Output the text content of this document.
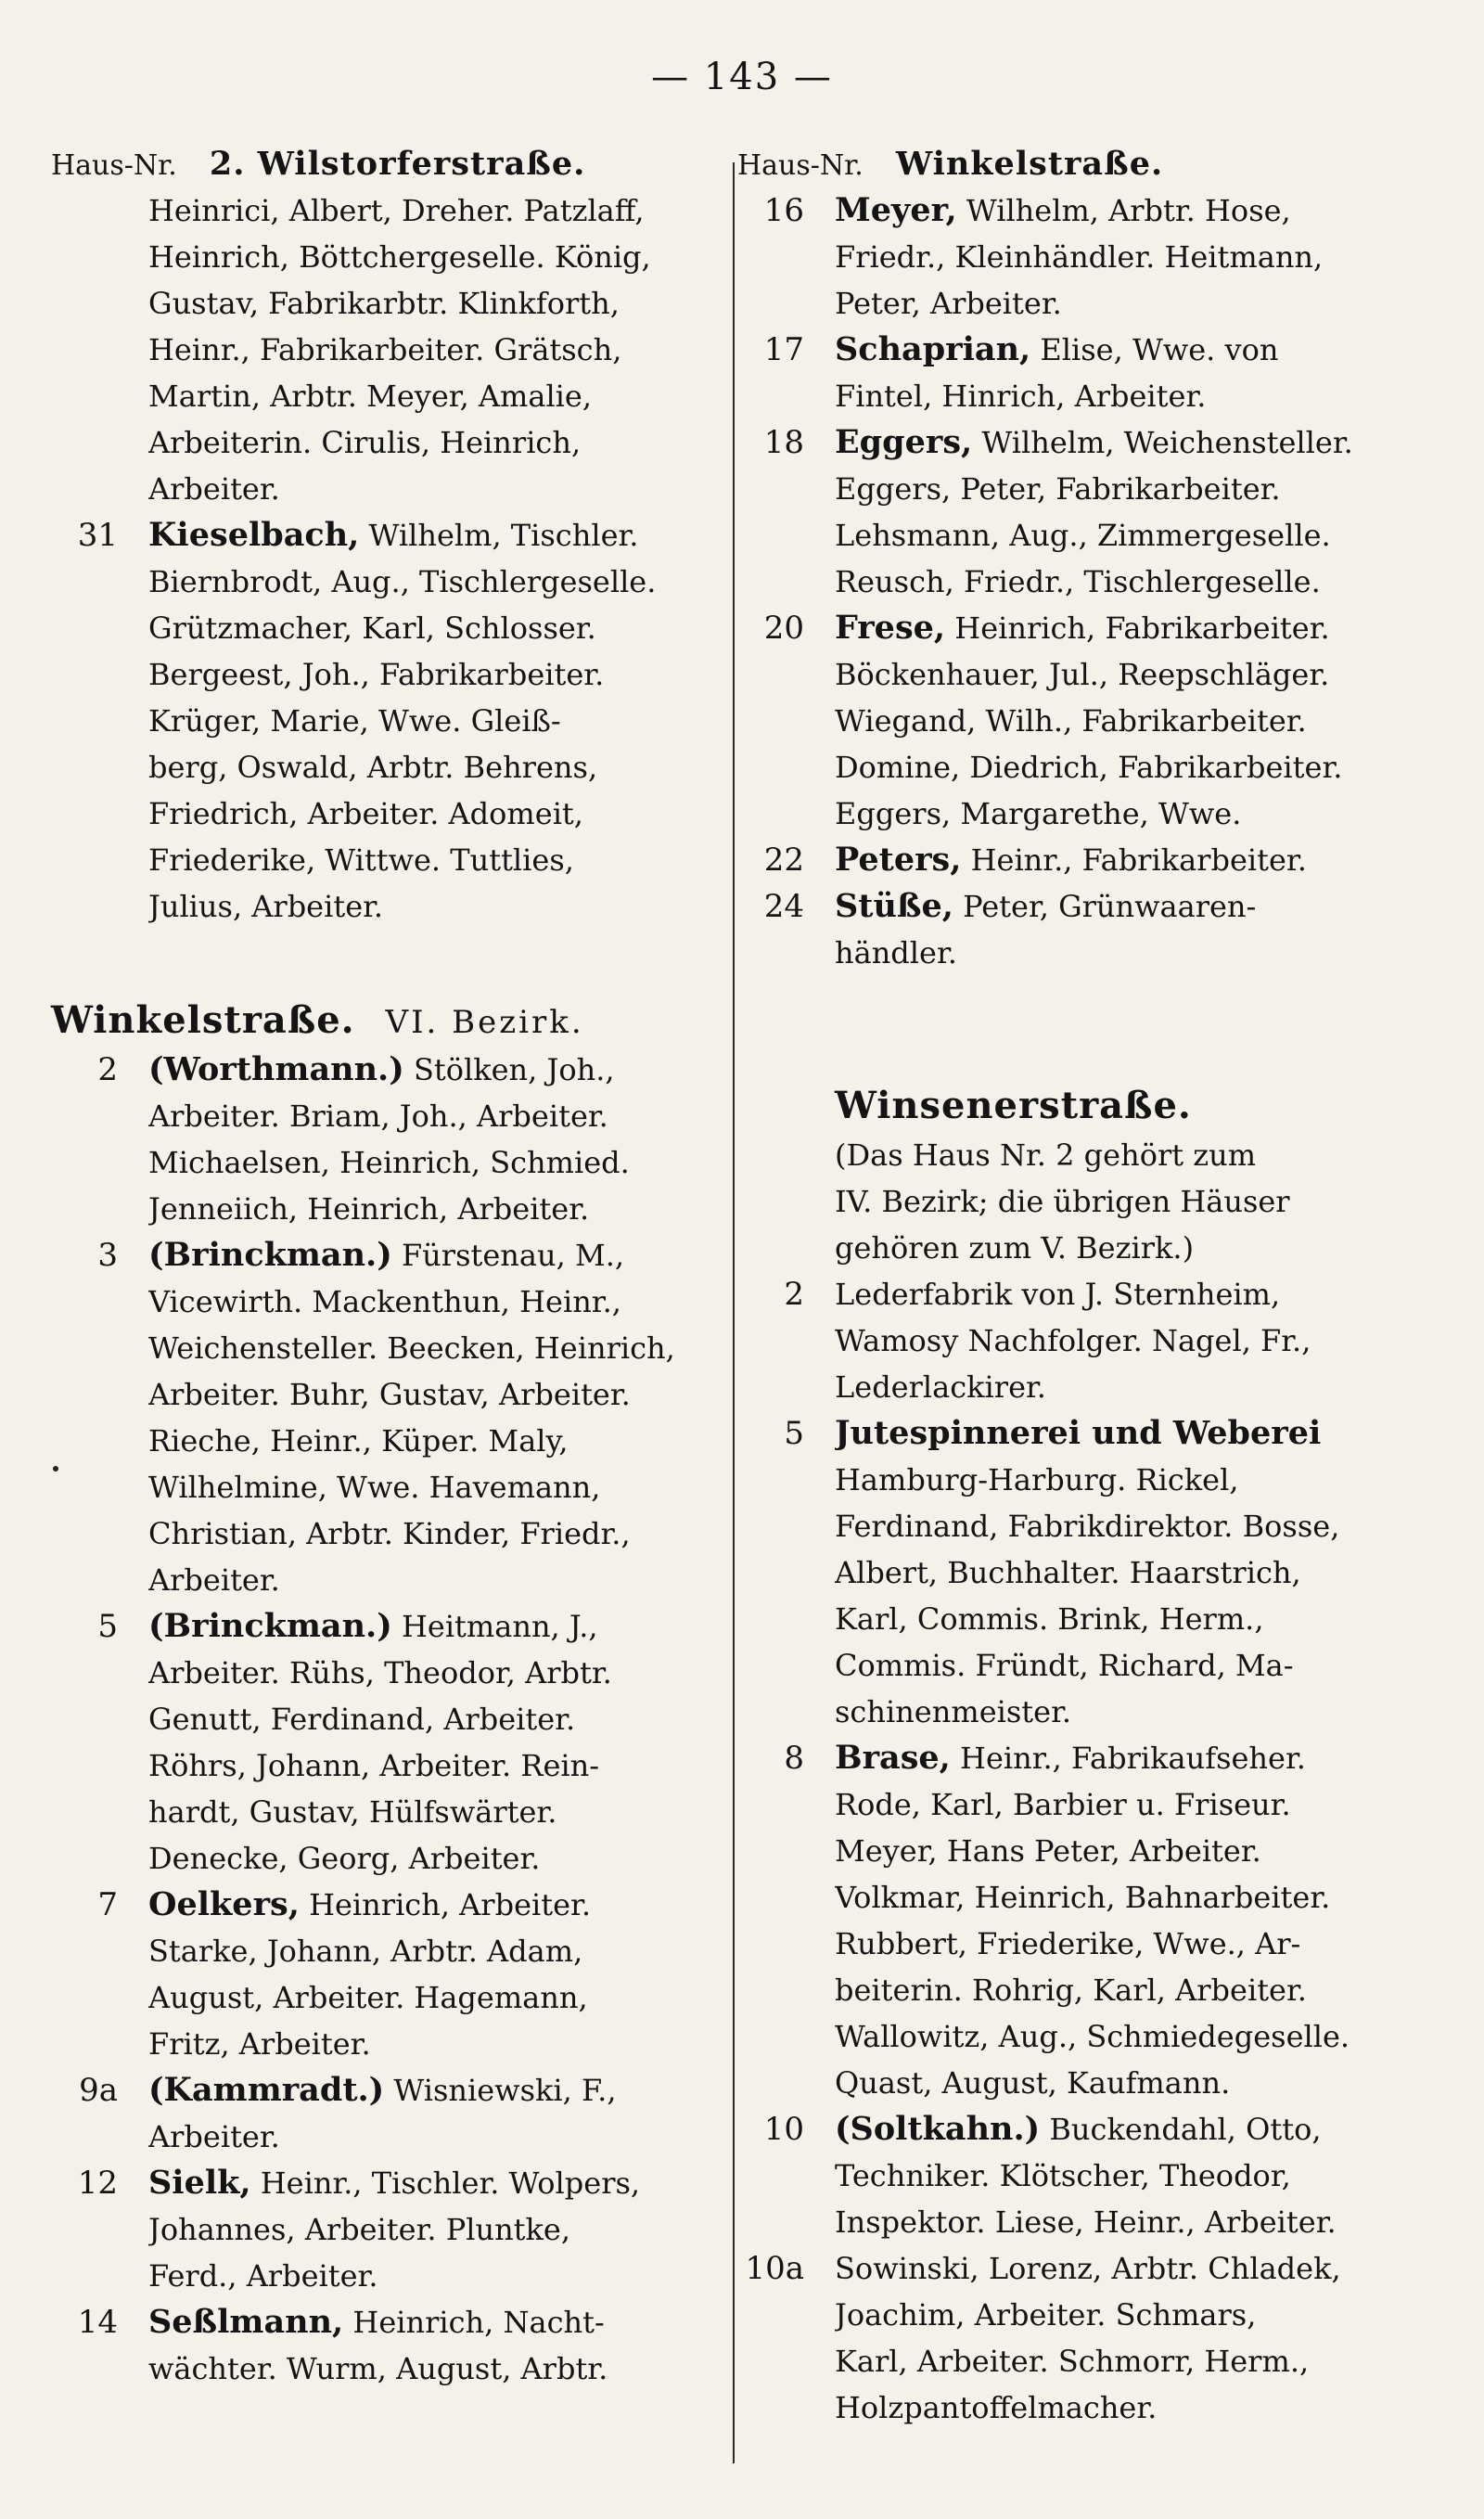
— 143 —
Haus-Nr. 2. Wilstorferstraße.
Heinrici, Albert, Dreher. Patzlaff,
Heinrich, Böttchergeselle. König,
Gustav, Fabrikarbtr. Klinkforth,
Heinr., Fabrikarbeiter. Grätsch,
Martin, Arbtr. Meyer, Amalie,
Arbeiterin. Cirulis, Heinrich,
Arbeiter.
31 Kieselbach, Wilhelm, Tischler.
Biernbrodt, Aug., Tischlergeselle.
Grützmacher, Karl, Schlosser.
Bergeest, Joh., Fabrikarbeiter.
Krüger, Marie, Wwe. Gleiß-
berg, Oswald, Arbtr. Behrens,
Friedrich, Arbeiter. Adomeit,
Friederike, Wittwe. Tuttlies,
Julius, Arbeiter.
Winkelstraße. VI. Bezirk.
2 (Worthmann.) Stölken, Joh.,
Arbeiter. Briam, Joh., Arbeiter.
Michaelsen, Heinrich, Schmied.
Jenneiich, Heinrich, Arbeiter.
3 (Brinckman.) Fürstenau, M.,
Vicewirth. Mackenthun, Heinr.,
Weichensteller. Beecken, Heinrich,
Arbeiter. Buhr, Gustav, Arbeiter.
Rieche, Heinr., Küper. Maly,
Wilhelmine, Wwe. Havemann,
Christian, Arbtr. Kinder, Friedr.,
Arbeiter.
5 (Brinckman.) Heitmann, J.,
Arbeiter. Rühs, Theodor, Arbtr.
Genutt, Ferdinand, Arbeiter.
Röhrs, Johann, Arbeiter. Rein-
hardt, Gustav, Hülfswärter.
Denecke, Georg, Arbeiter.
7 Oelkers, Heinrich, Arbeiter.
Starke, Johann, Arbtr. Adam,
August, Arbeiter. Hagemann,
Fritz, Arbeiter.
9a (Kammradt.) Wisniewski, F.,
Arbeiter.
12 Sielk, Heinr., Tischler. Wolpers,
Johannes, Arbeiter. Pluntke,
Ferd., Arbeiter.
14 Seßlmann, Heinrich, Nacht-
wächter. Wurm, August, Arbtr.
Haus-Nr. Winkelstraße.
16 Meyer, Wilhelm, Arbtr. Hose,
Friedr., Kleinhändler. Heitmann,
Peter, Arbeiter.
17 Schaprian, Elise, Wwe. von
Fintel, Hinrich, Arbeiter.
18 Eggers, Wilhelm, Weichensteller.
Eggers, Peter, Fabrikarbeiter.
Lehsmann, Aug., Zimmergeselle.
Reusch, Friedr., Tischlergeselle.
20 Frese, Heinrich, Fabrikarbeiter.
Böckenhauer, Jul., Reepschläger.
Wiegand, Wilh., Fabrikarbeiter.
Domine, Diedrich, Fabrikarbeiter.
Eggers, Margarethe, Wwe.
22 Peters, Heinr., Fabrikarbeiter.
24 Stüße, Peter, Grünwaaren-
händler.
Winsenerstraße.
(Das Haus Nr. 2 gehört zum
IV. Bezirk; die übrigen Häuser
gehören zum V. Bezirk.)
2 Lederfabrik von J. Sternheim,
Wamosy Nachfolger. Nagel, Fr.,
Lederlackirer.
5 Jutespinnerei und Weberei
Hamburg-Harburg. Rickel,
Ferdinand, Fabrikdirektor. Bosse,
Albert, Buchhalter. Haarstrich,
Karl, Commis. Brink, Herm.,
Commis. Fründt, Richard, Ma-
schinenmeister.
8 Brase, Heinr., Fabrikaufseher.
Rode, Karl, Barbier u. Friseur.
Meyer, Hans Peter, Arbeiter.
Volkmar, Heinrich, Bahnarbeiter.
Rubbert, Friederike, Wwe., Ar-
beiterin. Rohrig, Karl, Arbeiter.
Wallowitz, Aug., Schmiedegeselle.
Quast, August, Kaufmann.
10 (Soltkahn.) Buckendahl, Otto,
Techniker. Klötscher, Theodor,
Inspektor. Liese, Heinr., Arbeiter.
10a Sowinski, Lorenz, Arbtr. Chladek,
Joachim, Arbeiter. Schmars,
Karl, Arbeiter. Schmorr, Herm.,
Holzpantoffelmacher.
